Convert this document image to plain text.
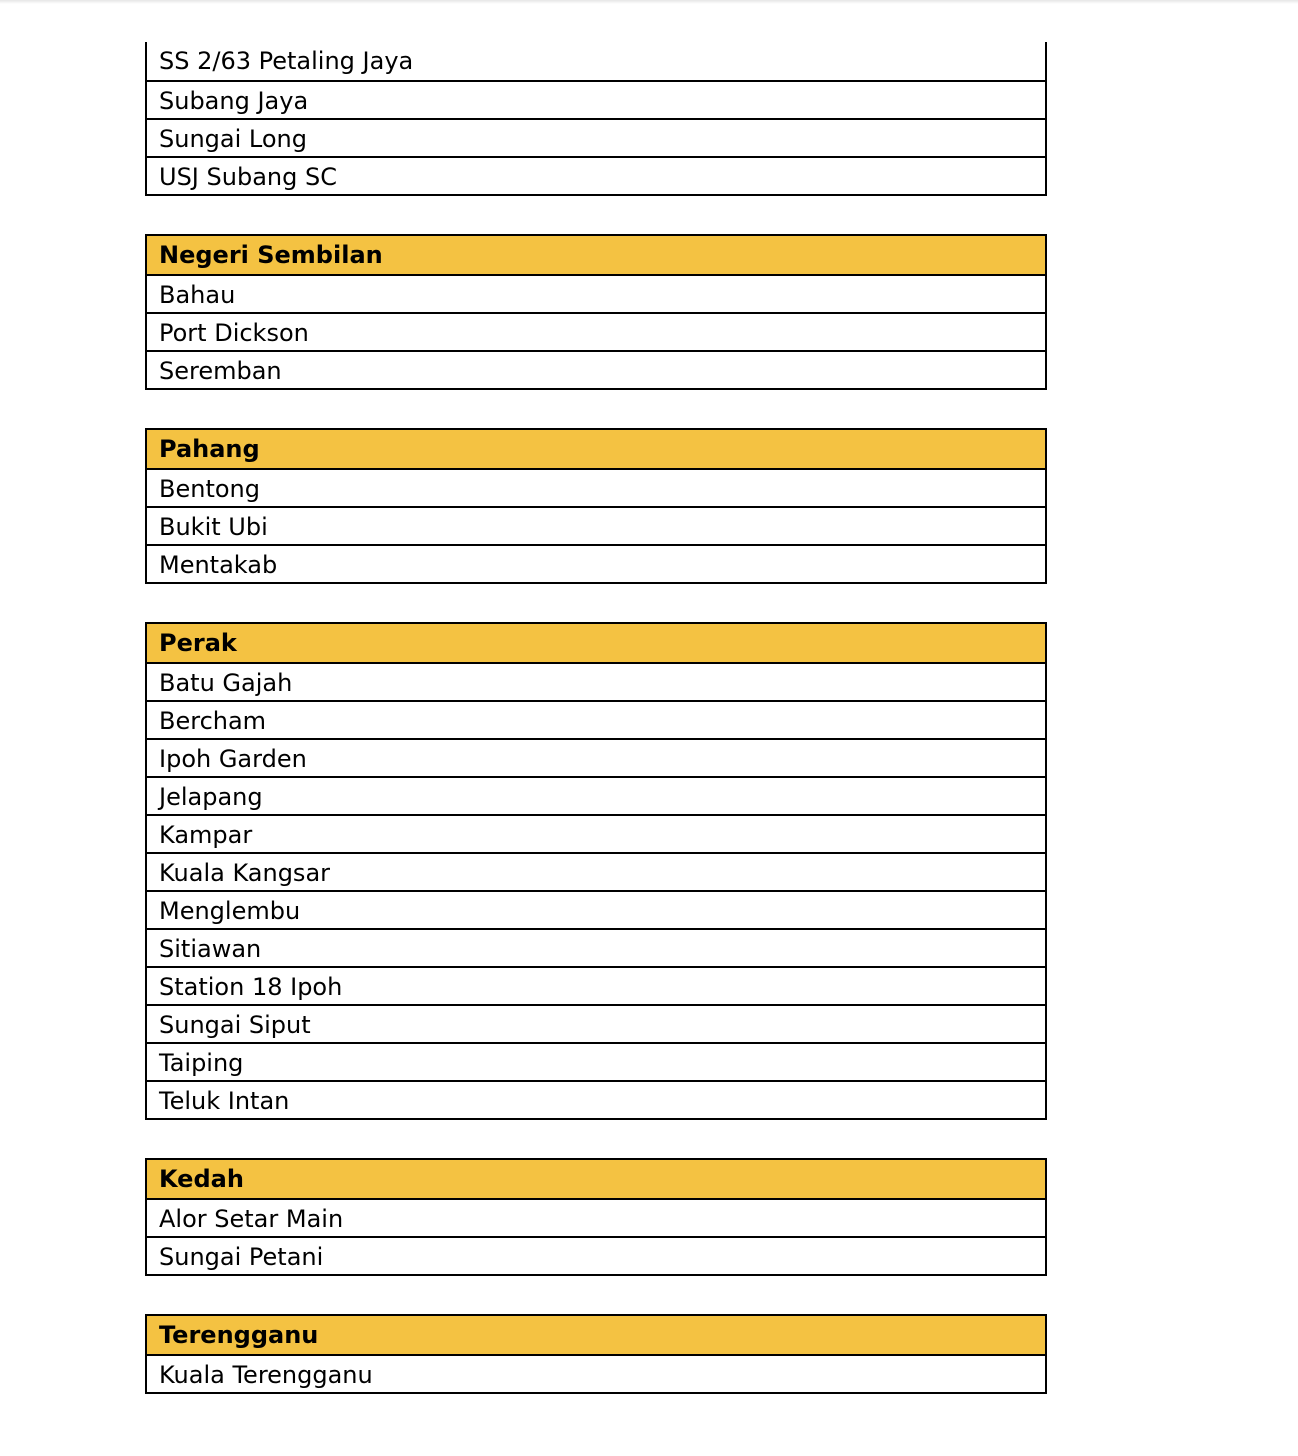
SS 2/63 Petaling Jaya
Subang Jaya
Sungai Long
USJ Subang SC
Negeri Sembilan
Bahau
Port Dickson
Seremban
Pahang
Bentong
Bukit Ubi
Mentakab
Perak
Batu Gajah
Bercham
Ipoh Garden
Jelapang
Kampar
Kuala Kangsar
Menglembu
Sitiawan
Station 18 Ipoh
Sungai Siput
Taiping
Teluk Intan
Kedah
Alor Setar Main
Sungai Petani
Terengganu
Kuala Terengganu
